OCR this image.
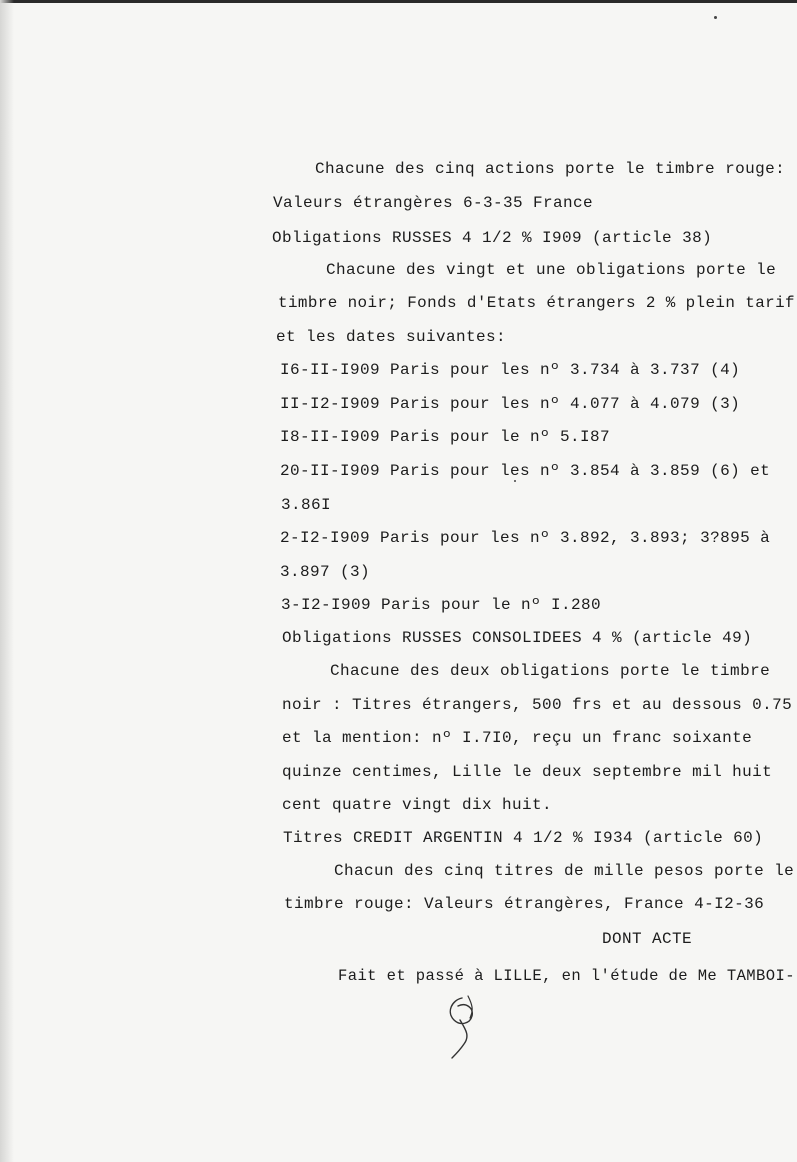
Chacune des cinq actions porte le timbre rouge:

Valeurs étrangères 6-3-35 France

Obligations RUSSES 4 1/2 % I909 (article 38)

Chacune des vingt et une obligations porte le

timbre noir; Fonds d'Etats étrangers 2 % plein tarif

et les dates suivantes:

I6-II-I909 Paris pour les nº 3.734 à 3.737 (4)

II-I2-I909 Paris pour les nº 4.077 à 4.079 (3)

I8-II-I909 Paris pour le nº 5.I87

20-II-I909 Paris pour les nº 3.854 à 3.859 (6) et

3.86I

2-I2-I909 Paris pour les nº 3.892, 3.893; 3?895 à

3.897 (3)

3-I2-I909 Paris pour le nº I.280

Obligations RUSSES CONSOLIDEES 4 % (article 49)

Chacune des deux obligations porte le timbre

noir : Titres étrangers, 500 frs et au dessous 0.75

et la mention: nº I.7I0, reçu un franc soixante

quinze centimes, Lille le deux septembre mil huit

cent quatre vingt dix huit.

Titres CREDIT ARGENTIN 4 1/2 % I934 (article 60)

Chacun des cinq titres de mille pesos porte le

timbre rouge: Valeurs étrangères, France 4-I2-36

DONT ACTE

Fait et passé à LILLE, en l'étude de Me TAMBOI-
